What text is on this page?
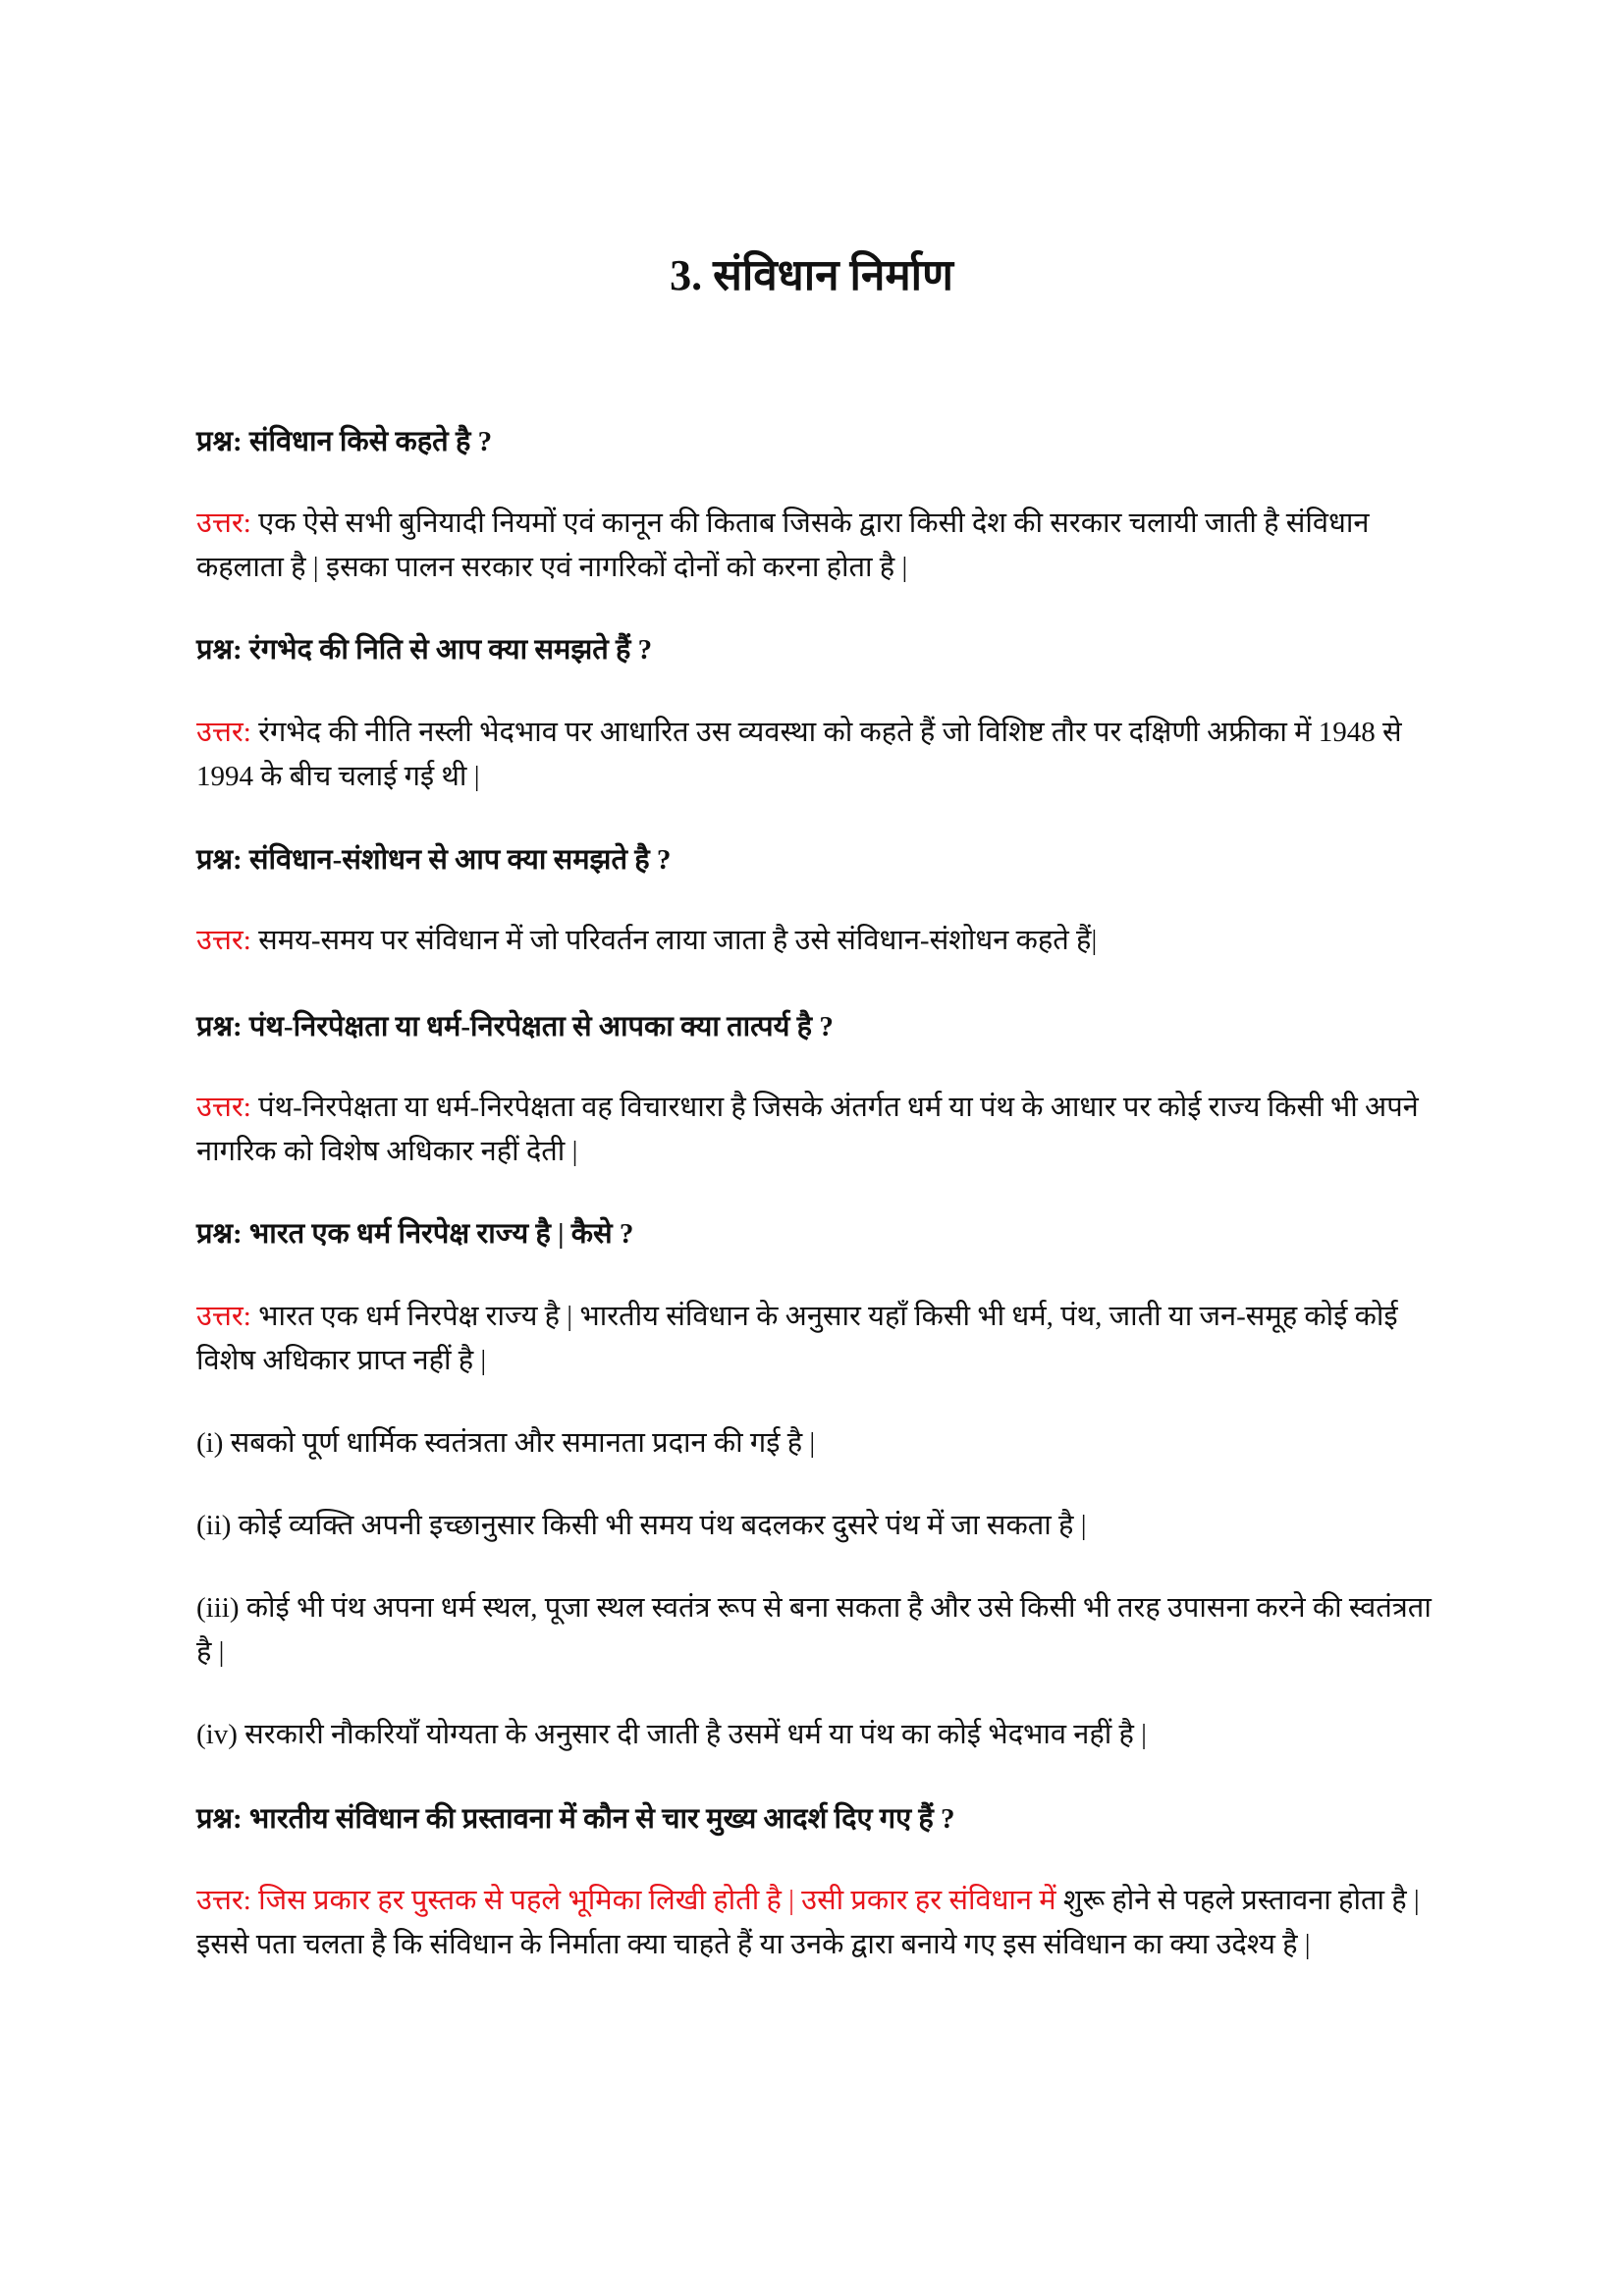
3. संविधान निर्माण

प्रश्न: संविधान किसे कहते है ?

उत्तर: एक ऐसे सभी बुनियादी नियमों एवं कानून की किताब जिसके द्वारा किसी देश की सरकार चलायी जाती है संविधान कहलाता है | इसका पालन सरकार एवं नागरिकों दोनों को करना होता है |

प्रश्न: रंगभेद की निति से आप क्या समझते हैं ?

उत्तर: रंगभेद की नीति नस्ली भेदभाव पर आधारित उस व्यवस्था को कहते हैं जो विशिष्ट तौर पर दक्षिणी अफ्रीका में 1948 से 1994 के बीच चलाई गई थी |

प्रश्न: संविधान-संशोधन से आप क्या समझते है ?

उत्तर: समय-समय पर संविधान में जो परिवर्तन लाया जाता है उसे संविधान-संशोधन कहते हैं|

प्रश्न: पंथ-निरपेक्षता या धर्म-निरपेक्षता से आपका क्या तात्पर्य है ?

उत्तर: पंथ-निरपेक्षता या धर्म-निरपेक्षता वह विचारधारा है जिसके अंतर्गत धर्म या पंथ के आधार पर कोई राज्य किसी भी अपने नागरिक को विशेष अधिकार नहीं देती |

प्रश्न: भारत एक धर्म निरपेक्ष राज्य है | कैसे ?

उत्तर: भारत एक धर्म निरपेक्ष राज्य है | भारतीय संविधान के अनुसार यहाँ किसी भी धर्म, पंथ, जाती या जन-समूह कोई कोई विशेष अधिकार प्राप्त नहीं है |

(i) सबको पूर्ण धार्मिक स्वतंत्रता और समानता प्रदान की गई है |

(ii) कोई व्यक्ति अपनी इच्छानुसार किसी भी समय पंथ बदलकर दुसरे पंथ में जा सकता है |

(iii) कोई भी पंथ अपना धर्म स्थल, पूजा स्थल स्वतंत्र रूप से बना सकता है और उसे किसी भी तरह उपासना करने की स्वतंत्रता है |

(iv) सरकारी नौकरियाँ योग्यता के अनुसार दी जाती है उसमें धर्म या पंथ का कोई भेदभाव नहीं है |

प्रश्न: भारतीय संविधान की प्रस्तावना में कौन से चार मुख्य आदर्श दिए गए हैं ?

उत्तर: जिस प्रकार हर पुस्तक से पहले भूमिका लिखी होती है | उसी प्रकार हर संविधान में शुरू होने से पहले प्रस्तावना होता है | इससे पता चलता है कि संविधान के निर्माता क्या चाहते हैं या उनके द्वारा बनाये गए इस संविधान का क्या उदेश्य है |
